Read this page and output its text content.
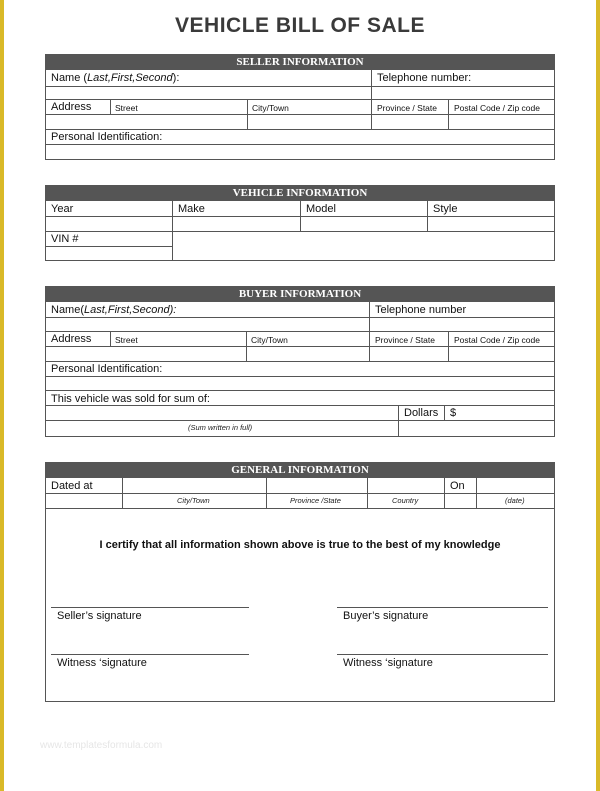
VEHICLE BILL OF SALE
SELLER INFORMATION
Name (Last,First,Second):	Telephone number:
Address	Street	City/Town	Province / State Postal Code / Zip code
Personal Identification:
VEHICLE INFORMATION
Year	Make	Model	Style
VIN #
BUYER INFORMATION
Name(Last,First,Second):	Telephone number
Address	Street	City/Town	Province / State Postal Code / Zip code
Personal Identification:
This vehicle was sold for sum of:
Dollars $
(Sum written in full)
GENERAL INFORMATION
Dated at	On
City/Town	Province /State	Country	(date)
I certify that all information shown above is true to the best of my knowledge
Seller’s signature	Buyer’s signature
Witness ‘signature	Witness ‘signature
www.templatesformula.com
